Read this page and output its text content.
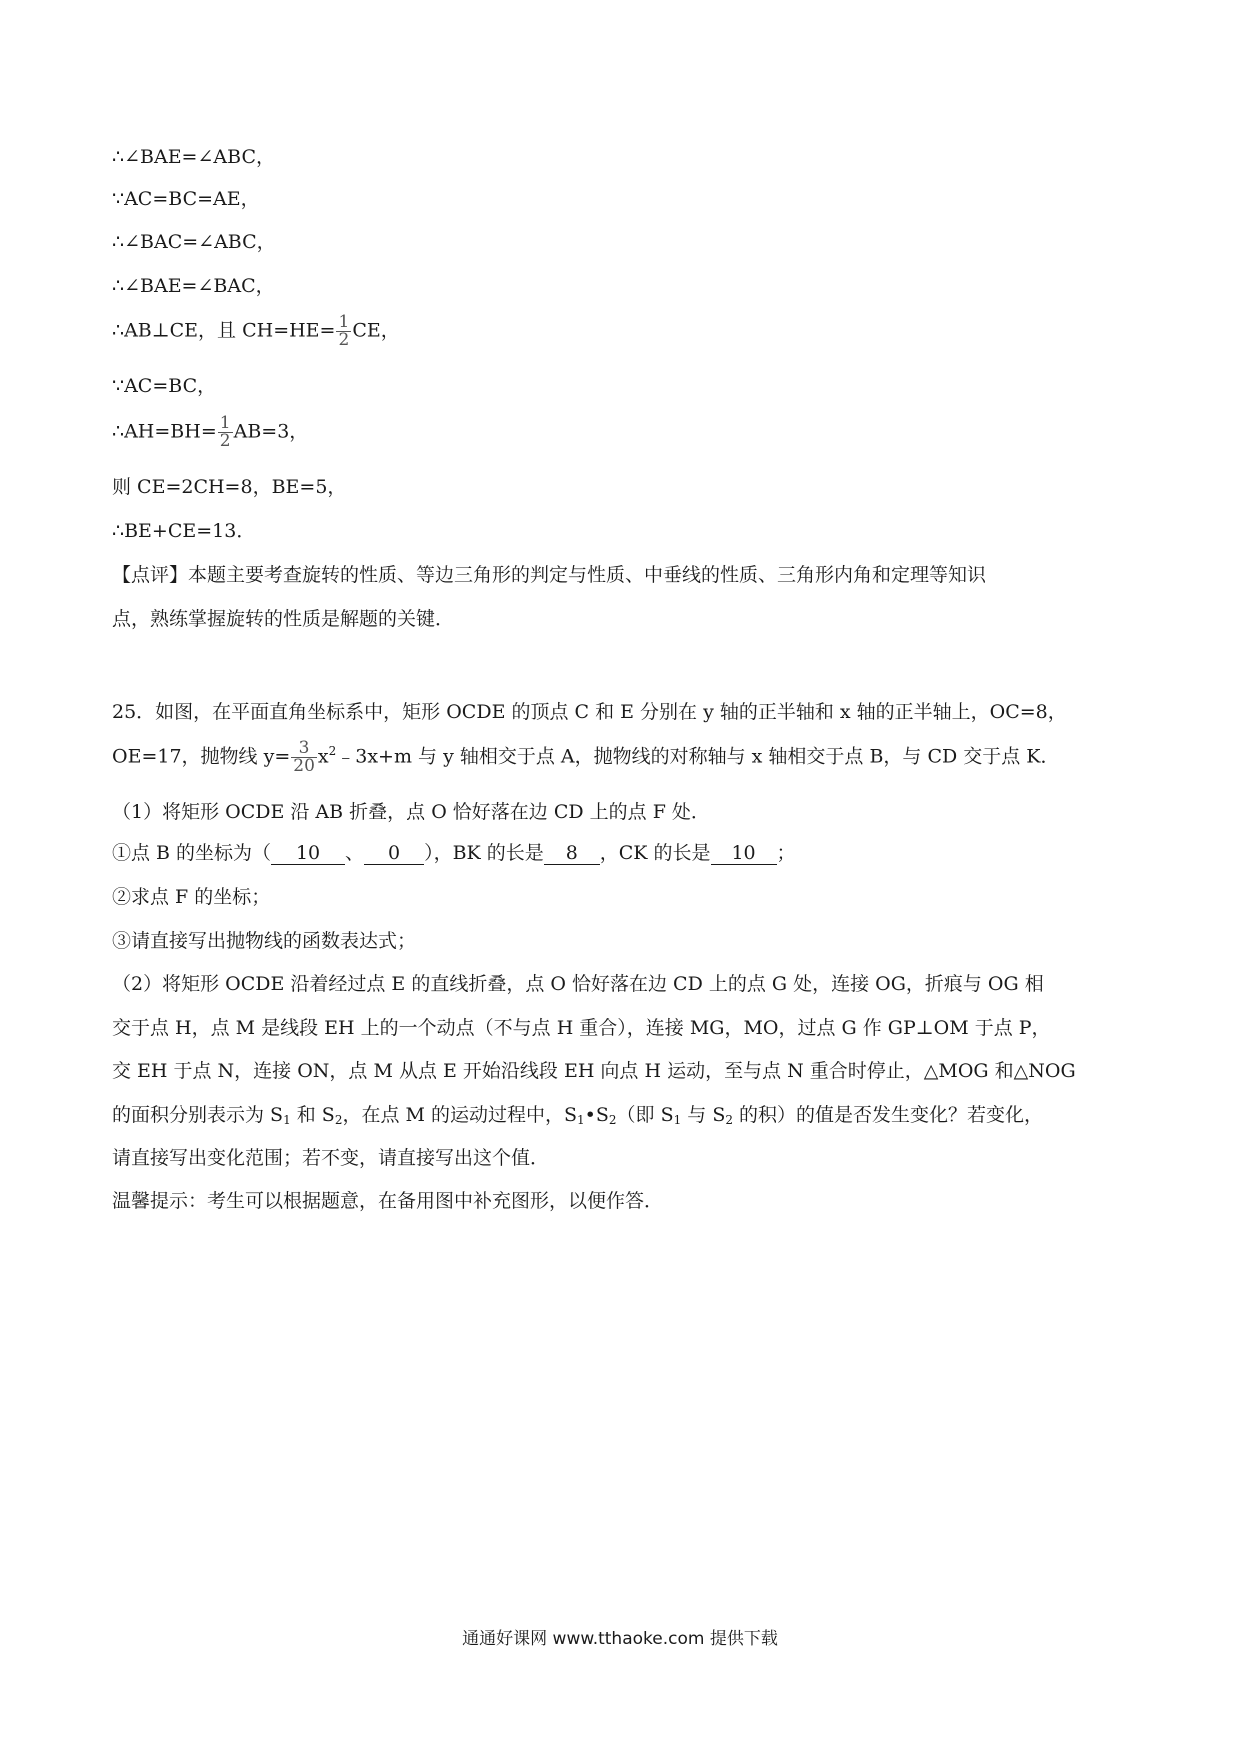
∴∠BAE=∠ABC，
∵AC=BC=AE，
∴∠BAC=∠ABC，
∴∠BAE=∠BAC，
∴AB⊥CE，且 $CH=HE= \frac{1}{2}$ CE，
∵AC=BC，
∴AH=BH= $\frac{1}{2} AB=3$，
则 CE=2CH=8，BE=5，
∴BE+CE=13．
【点评】本题主要考查旋转的性质、等边三角形的判定与性质、中垂线的性质、三角形内角和定理等知识
点，熟练掌握旋转的性质是解题的关键．
25．如图，在平面直角坐标系中，矩形 OCDE 的顶点 C 和 E 分别在 y 轴的正半轴和 x 轴的正半轴上，OC=8，
OE=17，抛物线 $y= \frac{3}{20}$ $x^2﹣3x+m$ 与 y 轴相交于点 A，抛物线的对称轴与 x 轴相交于点 B，与 CD 交于点 K．
（1）将矩形 OCDE 沿 AB 折叠，点 O 恰好落在边 CD 上的点 F 处．
①点 B 的坐标为（ 10 、 0 ），BK 的长是 8 ，CK 的长是 10 ；
②求点 F 的坐标；
③请直接写出抛物线的函数表达式；
（2）将矩形 OCDE 沿着经过点 E 的直线折叠，点 O 恰好落在边 CD 上的点 G 处，连接 OG，折痕与 OG 相
交于点 H，点 M 是线段 EH 上的一个动点（不与点 H 重合），连接 MG，MO，过点 G 作 GP⊥OM 于点 P，
交 EH 于点 N，连接 ON，点 M 从点 E 开始沿线段 EH 向点 H 运动，至与点 N 重合时停止，△MOG 和△NOG
的面积分别表示为 $S_1$ 和 $S_2$，在点 M 的运动过程中，$S_1•S_2$（即 $S_1$ 与 $S_2$ 的积）的值是否发生变化？若变化，
请直接写出变化范围；若不变，请直接写出这个值．
温馨提示：考生可以根据题意，在备用图中补充图形，以便作答．
通通好课网 www.tthaoke.com 提供下载
